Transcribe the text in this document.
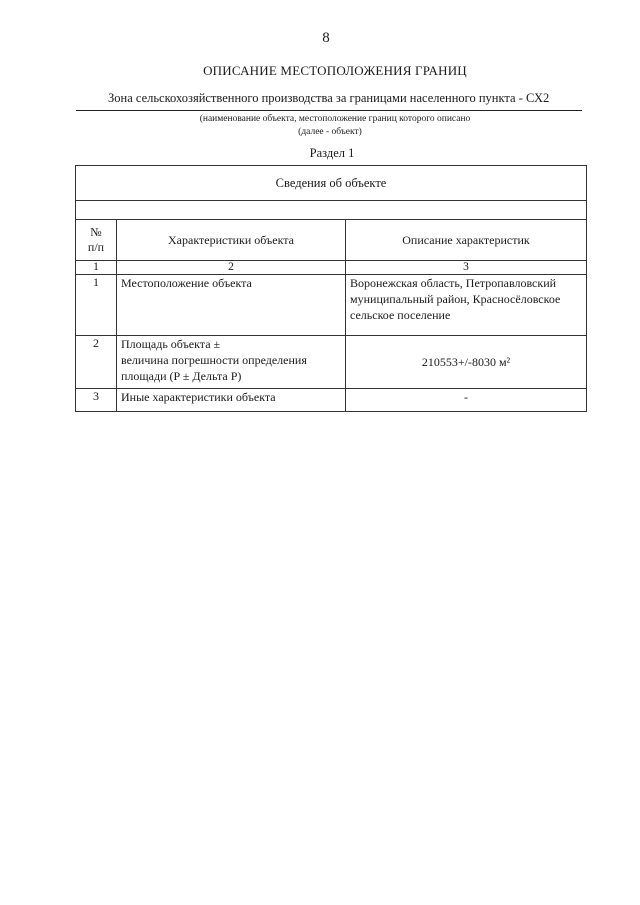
8
ОПИСАНИЕ МЕСТОПОЛОЖЕНИЯ ГРАНИЦ
Зона сельскохозяйственного производства за границами населенного пункта - СХ2
(наименование объекта, местоположение границ которого описано
(далее - объект)
Раздел 1
Сведения об объекте		

№
п/п	Характеристики объекта	Описание характеристик
1	2	3
1	Местоположение объекта	Воронежская область, Петропавловский
муниципальный район, Красносёловское
сельское поселение

2	Площадь объекта ±
величина погрешности определения
площади (P ± Дельта P)	210553+/-8030 м²
3	Иные характеристики объекта	-
